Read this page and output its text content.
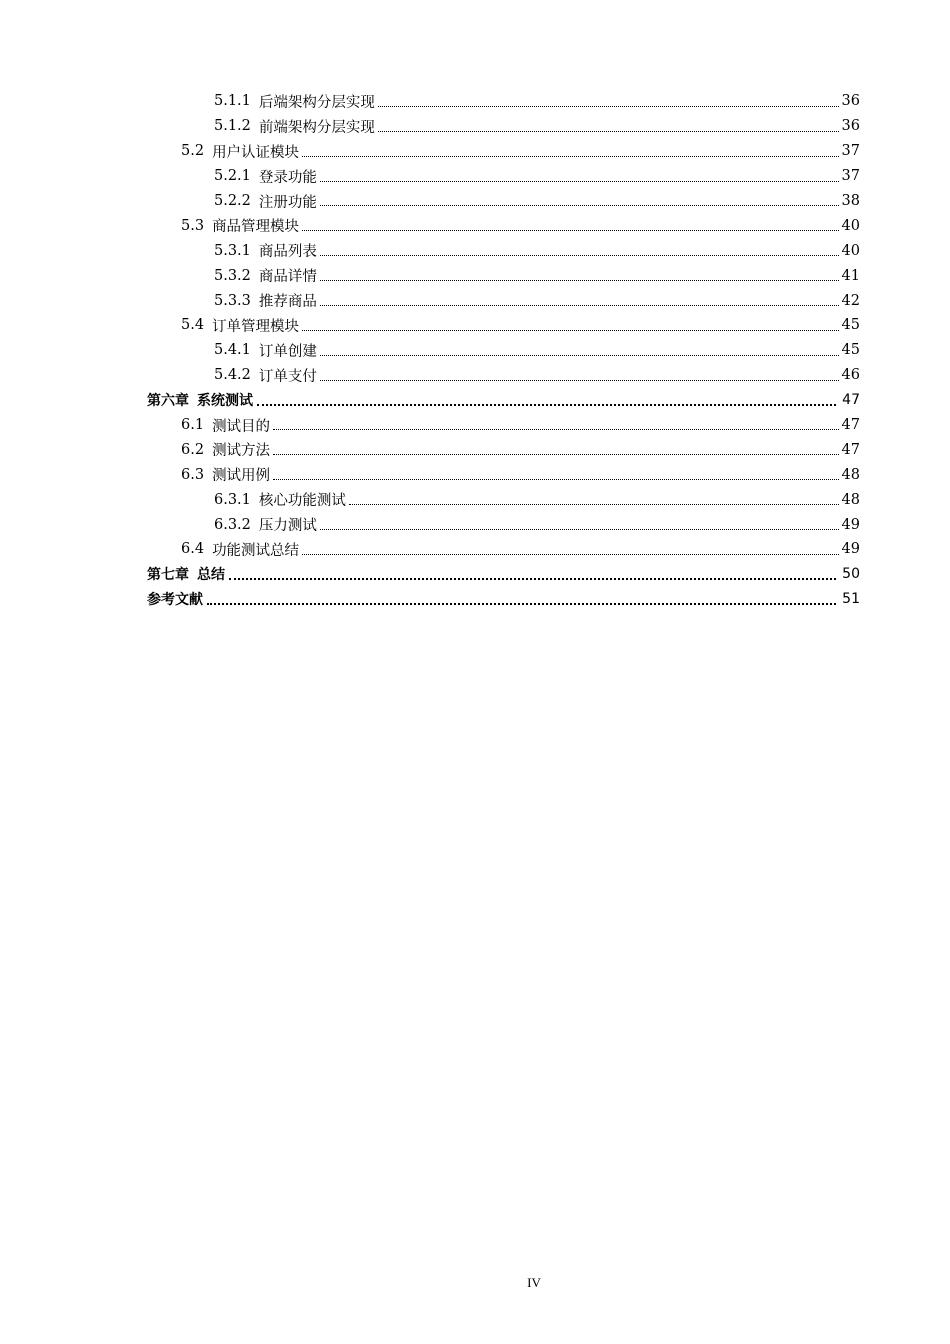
5.1.1 后端架构分层实现	36
5.1.2 前端架构分层实现	36
5.2 用户认证模块	37
5.2.1 登录功能	37
5.2.2 注册功能	38
5.3 商品管理模块	40
5.3.1 商品列表	40
5.3.2 商品详情	41
5.3.3 推荐商品	42
5.4 订单管理模块	45
5.4.1 订单创建	45
5.4.2 订单支付	46
第六章 系统测试	47
6.1 测试目的	47
6.2 测试方法	47
6.3 测试用例	48
6.3.1 核心功能测试	48
6.3.2 压力测试	49
6.4 功能测试总结	49
第七章 总结	50
参考文献	51
IV
